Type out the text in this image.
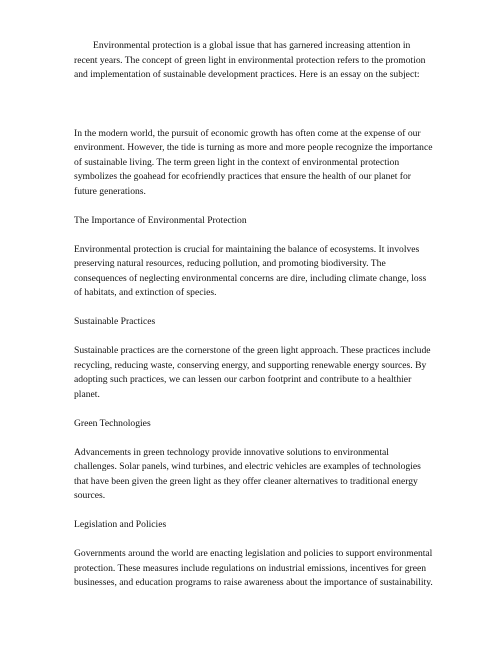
Environmental protection is a global issue that has garnered increasing attention in recent years. The concept of green light in environmental protection refers to the promotion and implementation of sustainable development practices. Here is an essay on the subject:

In the modern world, the pursuit of economic growth has often come at the expense of our environment. However, the tide is turning as more and more people recognize the importance of sustainable living. The term green light in the context of environmental protection symbolizes the goahead for ecofriendly practices that ensure the health of our planet for future generations.

The Importance of Environmental Protection

Environmental protection is crucial for maintaining the balance of ecosystems. It involves preserving natural resources, reducing pollution, and promoting biodiversity. The consequences of neglecting environmental concerns are dire, including climate change, loss of habitats, and extinction of species.

Sustainable Practices

Sustainable practices are the cornerstone of the green light approach. These practices include recycling, reducing waste, conserving energy, and supporting renewable energy sources. By adopting such practices, we can lessen our carbon footprint and contribute to a healthier planet.

Green Technologies

Advancements in green technology provide innovative solutions to environmental challenges. Solar panels, wind turbines, and electric vehicles are examples of technologies that have been given the green light as they offer cleaner alternatives to traditional energy sources.

Legislation and Policies

Governments around the world are enacting legislation and policies to support environmental protection. These measures include regulations on industrial emissions, incentives for green businesses, and education programs to raise awareness about the importance of sustainability.
